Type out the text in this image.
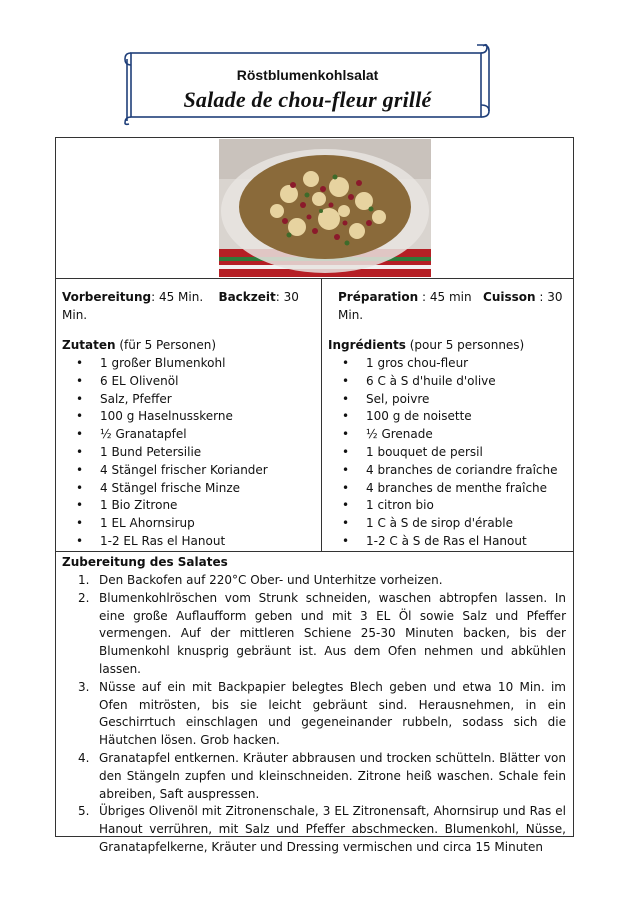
Röstblumenkohlsalat
Salade de chou-fleur grillé
Vorbereitung: 45 Min. Backzeit: 30 Min.
Zutaten (für 5 Personen)
• 1 großer Blumenkohl
• 6 EL Olivenöl
• Salz, Pfeffer
• 100 g Haselnusskerne
• ½ Granatapfel
• 1 Bund Petersilie
• 4 Stängel frischer Koriander
• 4 Stängel frische Minze
• 1 Bio Zitrone
• 1 EL Ahornsirup
• 1-2 EL Ras el Hanout
Préparation : 45 min Cuisson : 30 Min.
Ingrédients (pour 5 personnes)
• 1 gros chou-fleur
• 6 C à S d'huile d'olive
• Sel, poivre
• 100 g de noisette
• ½ Grenade
• 1 bouquet de persil
• 4 branches de coriandre fraîche
• 4 branches de menthe fraîche
• 1 citron bio
• 1 C à S de sirop d'érable
• 1-2 C à S de Ras el Hanout
Zubereitung des Salates
1. Den Backofen auf 220°C Ober- und Unterhitze vorheizen.
2. Blumenkohlröschen vom Strunk schneiden, waschen abtropfen lassen. In eine große Auflaufform geben und mit 3 EL Öl sowie Salz und Pfeffer vermengen. Auf der mittleren Schiene 25-30 Minuten backen, bis der Blumenkohl knusprig gebräunt ist. Aus dem Ofen nehmen und abkühlen lassen.
3. Nüsse auf ein mit Backpapier belegtes Blech geben und etwa 10 Min. im Ofen mitrösten, bis sie leicht gebräunt sind. Herausnehmen, in ein Geschirrtuch einschlagen und gegeneinander rubbeln, sodass sich die Häutchen lösen. Grob hacken.
4. Granatapfel entkernen. Kräuter abbrausen und trocken schütteln. Blätter von den Stängeln zupfen und kleinschneiden. Zitrone heiß waschen. Schale fein abreiben, Saft auspressen.
5. Übriges Olivenöl mit Zitronenschale, 3 EL Zitronensaft, Ahornsirup und Ras el Hanout verrühren, mit Salz und Pfeffer abschmecken. Blumenkohl, Nüsse, Granatapfelkerne, Kräuter und Dressing vermischen und circa 15 Minuten
